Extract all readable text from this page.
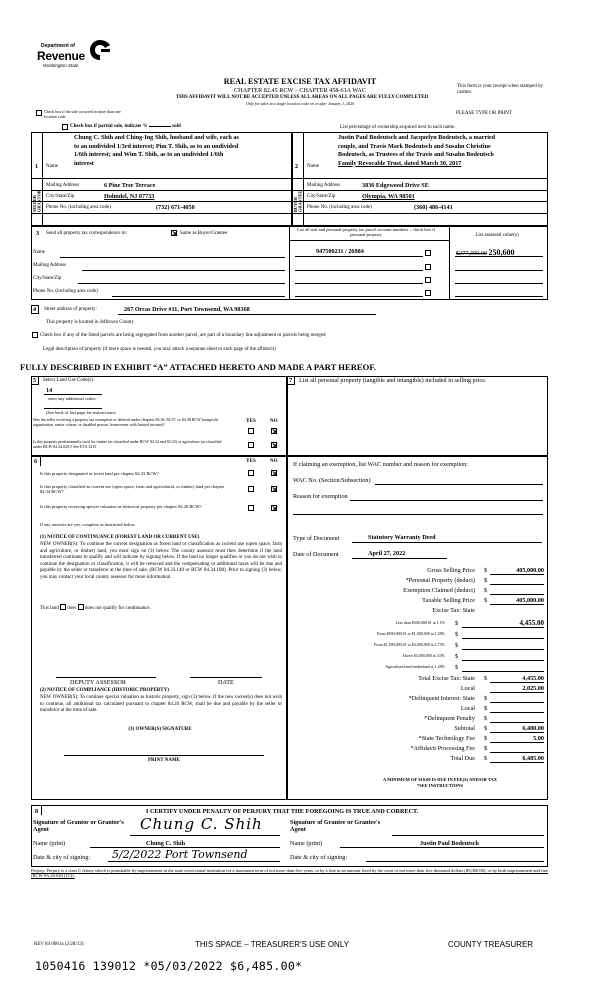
Department of
Revenue
Washington State
REAL ESTATE EXCISE TAX AFFIDAVIT
CHAPTER 82.45 RCW – CHAPTER 458-61A WAC
THIS AFFIDAVIT WILL NOT BE ACCEPTED UNLESS ALL AREAS ON ALL PAGES ARE FULLY COMPLETED
Only for sales in a single location code on or after January 1, 2020
This form is your receipt when stamped by cashier.
PLEASE TYPE OR PRINT
Check box if the sale occurred in more than one location code
Check box if partial sale, indicate %	sold	List percentage of ownership acquired next to each name.
1
SELLER GRANTOR
Name
Chung C. Shih and Ching-Ing Shih, husband and wife, each as
to an undivided 1/3rd interest; Pim T. Shih, as to an undivided
1/6th interest; and Wim T. Shih, as to an undivided 1/6th
interest
Mailing Address	6 Pine Tree Terrace
City/State/Zip	Holmdel, NJ 07733
Phone No. (including area code)	(732) 671-4050
2
BUYER GRANTEE
Name
Justin Paul Bodeutsch and Jacquelyn Bodeutsch, a married
couple, and Travis Mark Bodeutsch and Susahn Christine
Bodeutsch, as Trustees of the Travis and Susahn Bodeutsch
Family Revocable Trust, dated March 30, 2017
Mailing Address	3836 Edgewood Drive SE
City/State/Zip	Olympia, WA 98501
Phone No. (including area code)	(360) 486-4141
3 Send all property tax correspondence to:	Same as Buyer/Grantee
Name
Mailing Address
City/State/Zip
Phone No. (including area code)
List all real and personal property tax parcel account numbers – check box if personal property	List assessed value(s)
947500211 / 26984	$277,300.00 250,600
4 Street address of property:	267 Orcas Drive #11, Port Townsend, WA 98368
This property is located in Jefferson County
Check box if any of the listed parcels are being segregated from another parcel, are part of a boundary line adjustment or parcels being merged
Legal description of property (if more space is needed, you may attach a separate sheet to each page of the affidavit)
FULLY DESCRIBED IN EXHIBIT “A” ATTACHED HERETO AND MADE A PART HEREOF.
5 Select Land Use Code(s):
14
enter any additional codes:
(See back of last page for instructions)
YES	NO
Was the seller receiving a property tax exemption or deferral under chapters 84.36, 84.37, or 84.38 RCW (nonprofit organization, senior citizen, or disabled person, homeowner with limited income)?
Is this property predominantly used for timber (as classified under RCW 84.34 and 84.33) or agriculture (as classified under RCW 84.34.020)? See ETA 3215
7 List all personal property (tangible and intangible) included in selling price.
6	YES	NO
Is this property designated as forest land per chapter 84.33 RCW?
Is this property classified as current use (open space, farm and agricultural, or timber) land per chapter 84.34 RCW?
Is this property receiving special valuation as historical property per chapter 84.26 RCW?
If any answers are yes, complete as instructed below.
(1) NOTICE OF CONTINUANCE (FOREST LAND OR CURRENT USE)
NEW OWNER(S): To continue the current designation as forest land or classification as current use (open space, farm and agriculture, or timber) land, you must sign on (3) below. The county assessor must then determine if the land transferred continues to qualify and will indicate by signing below. If the land no longer qualifies or you do not wish to continue the designation or classification, it will be removed and the compensating or additional taxes will be due and payable by the seller or transferor at the time of sale. (RCW 84.33.140 or RCW 84.34.108). Prior to signing (3) below, you may contact your local county assessor for more information.
This land does does not qualify for continuance.
DEPUTY ASSESSOR	DATE
(2) NOTICE OF COMPLIANCE (HISTORIC PROPERTY)
NEW OWNER(S): To continue special valuation as historic property, sign (3) below. If the new owner(s) does not wish to continue, all additional tax calculated pursuant to chapter 84.26 RCW, shall be due and payable by the seller or transferor at the time of sale.
(3) OWNER(S) SIGNATURE
PRINT NAME
If claiming an exemption, list WAC number and reason for exemption:
WAC No. (Section/Subsection)
Reason for exemption
Type of Document	Statutory Warranty Deed
Date of Document	April 27, 2022
Gross Selling Price $	405,000.00
*Personal Property (deduct) $
Exemption Claimed (deduct) $
Taxable Selling Price $	405,000.00
Excise Tax: State
Less than $500,000.01 at 1.1% $	4,455.00
From $500,000.01 to $1,500,000 at 1.28% $
From $1,500,000.01 to $3,000,000 at 2.75% $
Above $3,000,000 at 3.0% $
Agricultural and timberland at 1.28% $
Total Excise Tax: State $	4,455.00
Local	2,025.00
*Delinquent Interest: State $
Local $
*Delinquent Penalty $
Subtotal $	6,480.00
*State Technology Fee $	5.00
*Affidavit Processing Fee $
Total Due $	6,485.00
A MINIMUM OF $10.00 IS DUE IN FEE(S) AND/OR TAX
*SEE INSTRUCTIONS
8	I CERTIFY UNDER PENALTY OF PERJURY THAT THE FOREGOING IS TRUE AND CORRECT.
Signature of Grantor or Grantor's Agent	Chung C. Shih
Name (print)	Chung C. Shih
Date & city of signing: 5/2/2022 Port Townsend
Signature of Grantee or Grantee's Agent
Name (print)	Justin Paul Bodeutsch
Date & city of signing:
Perjury: Perjury is a class C felony which is punishable by imprisonment in the state correctional institution for a maximum term of not more than five years, or by a fine in an amount fixed by the court of not more than five thousand dollars ($5,000.00), or by both imprisonment and fine (RCW 9A.20.020 (1C)).
REV 84 0001a (2/28/13)	THIS SPACE – TREASURER'S USE ONLY	COUNTY TREASURER
1050416 139012 *05/03/2022 $6,485.00*
